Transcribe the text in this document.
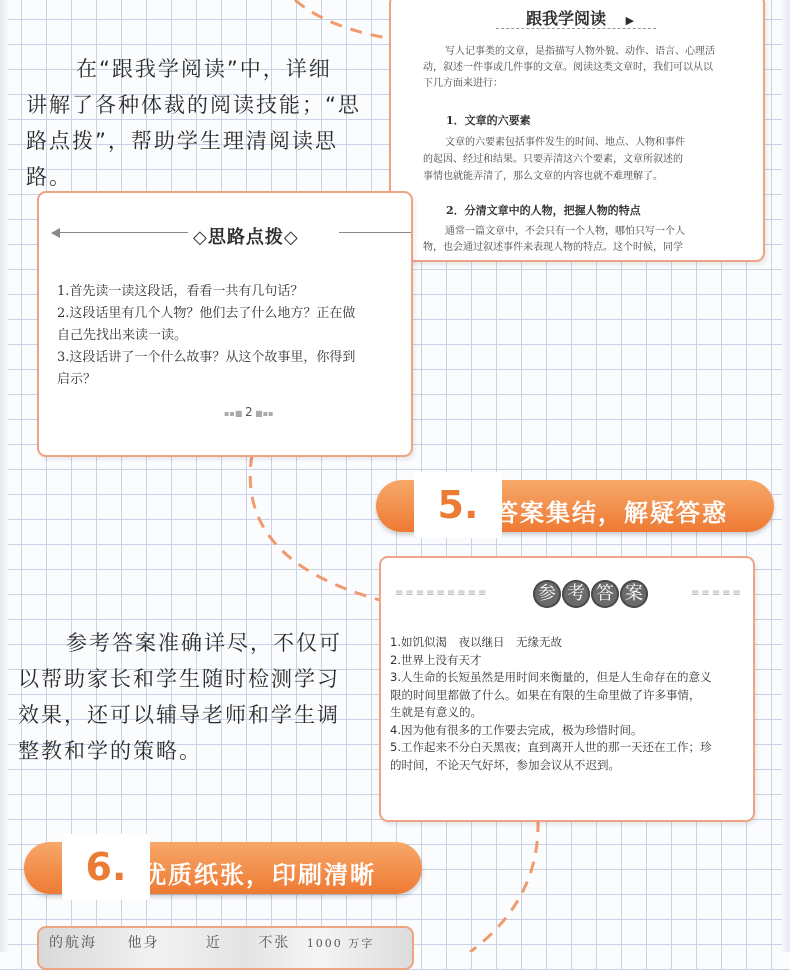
在“跟我学阅读”中，详细
讲解了各种体裁的阅读技能；“思
路点拨”，帮助学生理清阅读思
路。
跟我学阅读 ▶
写人记事类的文章，是指描写人物外貌、动作、语言、心理活
动，叙述一件事或几件事的文章。阅读这类文章时，我们可以从以
下几方面来进行：
1．文章的六要素
文章的六要素包括事件发生的时间、地点、人物和事件
的起因、经过和结果。只要弄清这六个要素，文章所叙述的
事情也就能弄清了，那么文章的内容也就不难理解了。
2．分清文章中的人物，把握人物的特点
通常一篇文章中，不会只有一个人物，哪怕只写一个人
物，也会通过叙述事件来表现人物的特点。这个时候，同学
◇思路点拨◇
1.首先读一读这段话，看看一共有几句话？
2.这段话里有几个人物？他们去了什么地方？正在做
自己先找出来读一读。
3.这段话讲了一个什么故事？从这个故事里，你得到
启示？
▪▪■ 2 ■▪▪
5. 答案集结，解疑答惑
≡≡≡≡≡≡≡≡≡	参 考 答 案	≡≡≡≡≡
1.如饥似渴　夜以继日　无缘无故
2.世界上没有天才
3.人生命的长短虽然是用时间来衡量的，但是人生命存在的意义
限的时间里都做了什么。如果在有限的生命里做了许多事情，
生就是有意义的。
4.因为他有很多的工作要去完成，极为珍惜时间。
5.工作起来不分白天黑夜；直到离开人世的那一天还在工作；珍
的时间，不论天气好坏，参加会议从不迟到。
参考答案准确详尽，不仅可
以帮助家长和学生随时检测学习
效果，还可以辅导老师和学生调
整教和学的策略。
6. 优质纸张，印刷清晰
的航海 他身	近	不张 1000 万字
